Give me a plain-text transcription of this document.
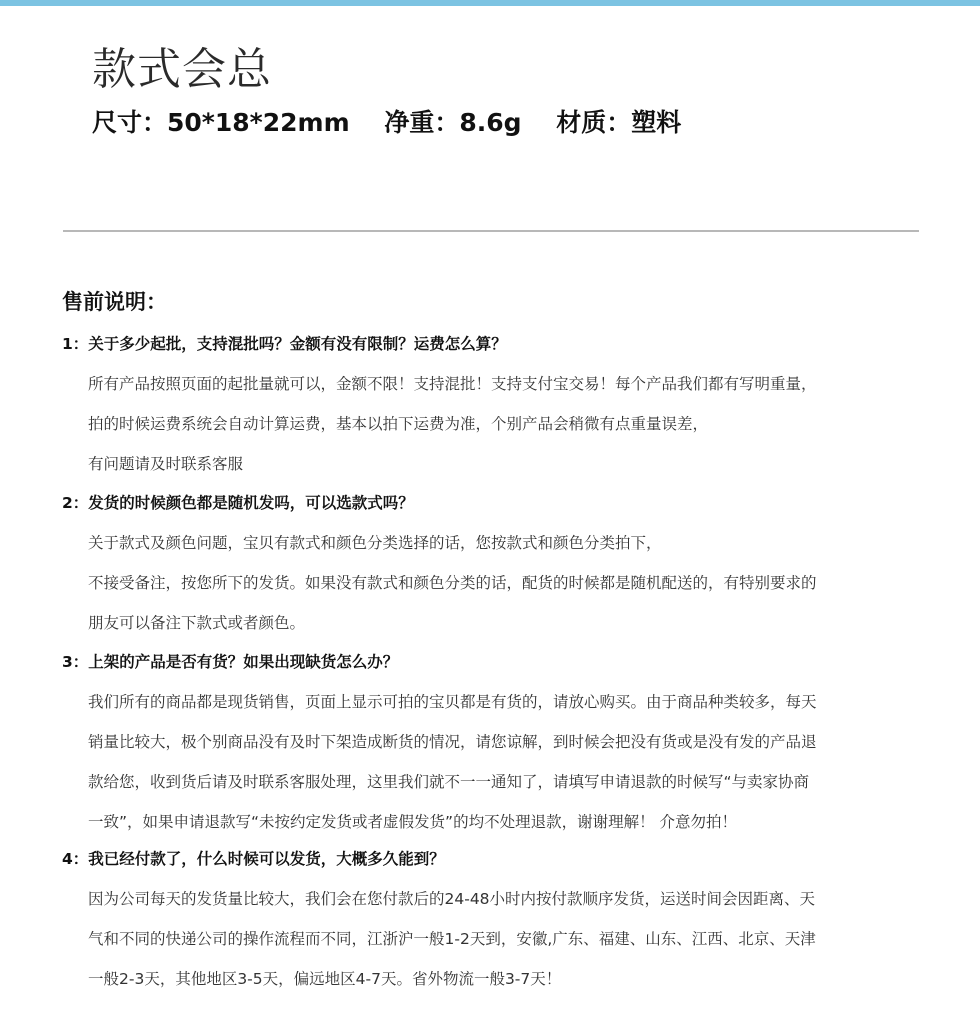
款式会总
尺寸：50*18*22mm 净重：8.6g 材质：塑料
售前说明：
1：关于多少起批，支持混批吗？金额有没有限制？运费怎么算？
所有产品按照页面的起批量就可以，金额不限！支持混批！支持支付宝交易！每个产品我们都有写明重量，
拍的时候运费系统会自动计算运费，基本以拍下运费为准，个别产品会稍微有点重量误差，
有问题请及时联系客服
2：发货的时候颜色都是随机发吗，可以选款式吗？
关于款式及颜色问题，宝贝有款式和颜色分类选择的话，您按款式和颜色分类拍下，
不接受备注，按您所下的发货。如果没有款式和颜色分类的话，配货的时候都是随机配送的，有特别要求的
朋友可以备注下款式或者颜色。
3：上架的产品是否有货？如果出现缺货怎么办？
我们所有的商品都是现货销售，页面上显示可拍的宝贝都是有货的，请放心购买。由于商品种类较多，每天
销量比较大，极个别商品没有及时下架造成断货的情况，请您谅解，到时候会把没有货或是没有发的产品退
款给您，收到货后请及时联系客服处理，这里我们就不一一通知了，请填写申请退款的时候写“与卖家协商
一致”，如果申请退款写“未按约定发货或者虚假发货”的均不处理退款，谢谢理解！ 介意勿拍！
4：我已经付款了，什么时候可以发货，大概多久能到？
因为公司每天的发货量比较大，我们会在您付款后的24-48小时内按付款顺序发货，运送时间会因距离、天
气和不同的快递公司的操作流程而不同，江浙沪一般1-2天到，安徽,广东、福建、山东、江西、北京、天津
一般2-3天，其他地区3-5天，偏远地区4-7天。省外物流一般3-7天！
